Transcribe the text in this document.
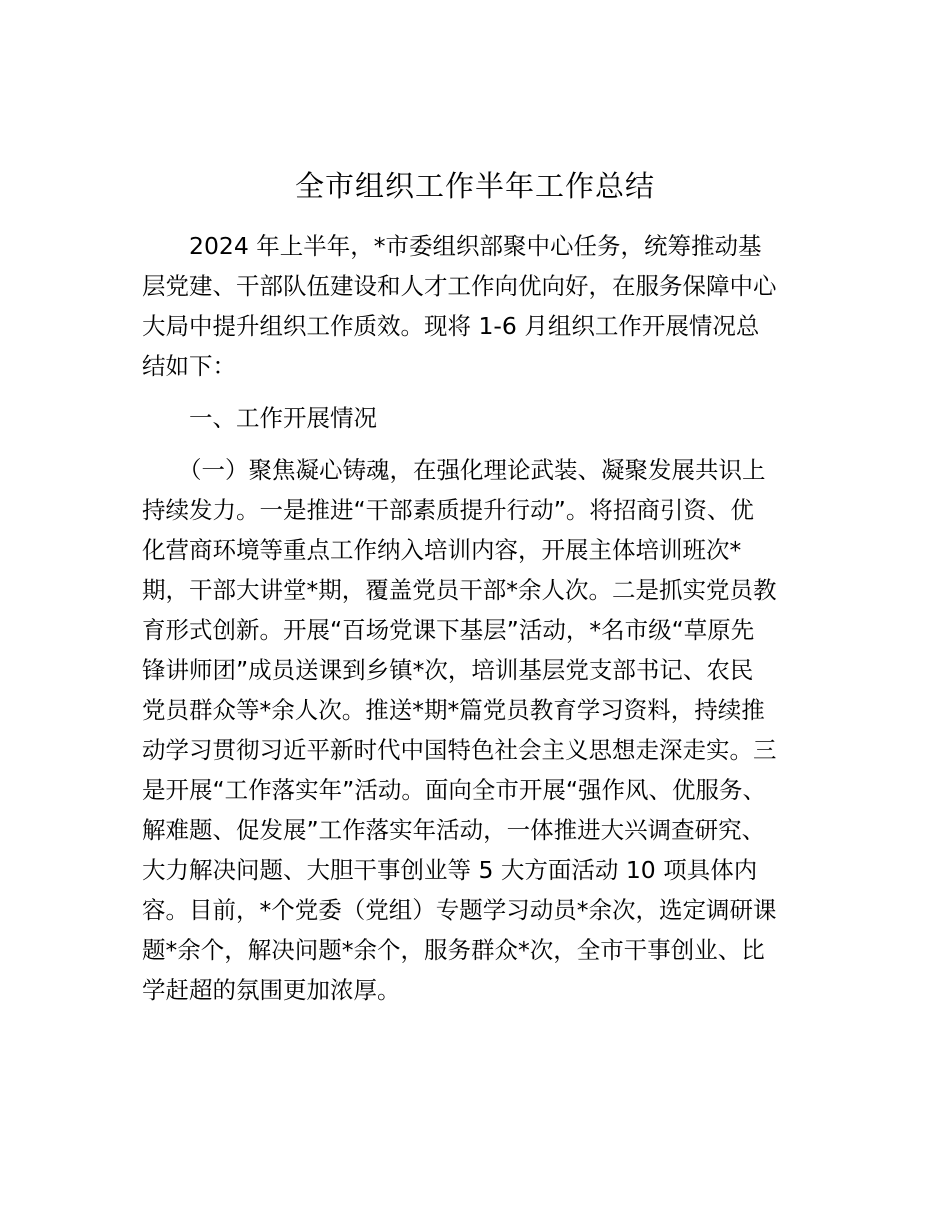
全市组织工作半年工作总结
2024 年上半年，*市委组织部聚中心任务，统筹推动基
层党建、干部队伍建设和人才工作向优向好，在服务保障中心
大局中提升组织工作质效。现将 1-6 月组织工作开展情况总
结如下：
一、工作开展情况
（一）聚焦凝心铸魂，在强化理论武装、凝聚发展共识上
持续发力。一是推进“干部素质提升行动”。将招商引资、优
化营商环境等重点工作纳入培训内容，开展主体培训班次*
期，干部大讲堂*期，覆盖党员干部*余人次。二是抓实党员教
育形式创新。开展“百场党课下基层”活动，*名市级“草原先
锋讲师团”成员送课到乡镇*次，培训基层党支部书记、农民
党员群众等*余人次。推送*期*篇党员教育学习资料，持续推
动学习贯彻习近平新时代中国特色社会主义思想走深走实。三
是开展“工作落实年”活动。面向全市开展“强作风、优服务、
解难题、促发展”工作落实年活动，一体推进大兴调查研究、
大力解决问题、大胆干事创业等 5 大方面活动 10 项具体内
容。目前，*个党委（党组）专题学习动员*余次，选定调研课
题*余个，解决问题*余个，服务群众*次，全市干事创业、比
学赶超的氛围更加浓厚。
